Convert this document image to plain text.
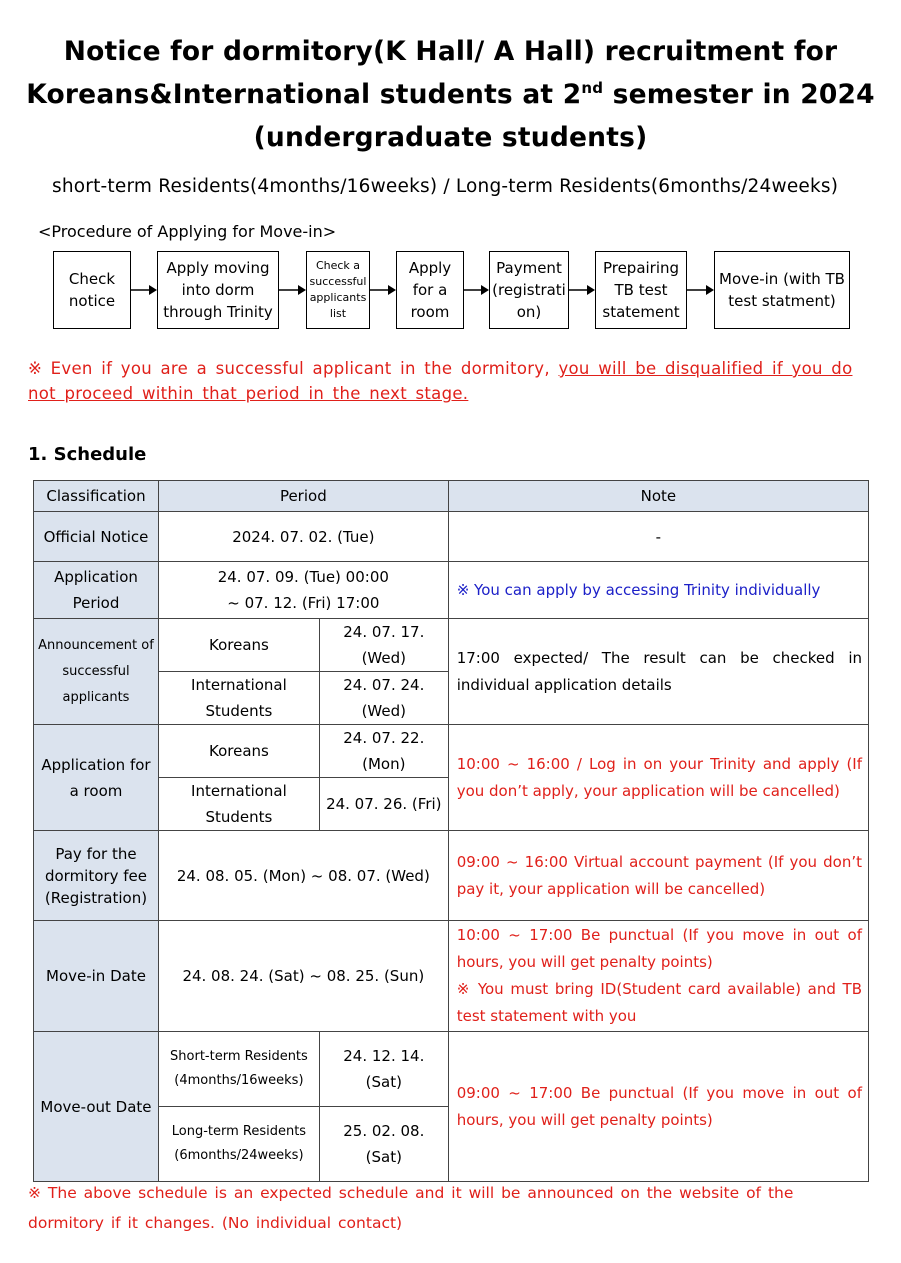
Notice for dormitory(K Hall/ A Hall) recruitment for
Koreans&International students at 2nd semester in 2024
(undergraduate students)
short-term Residents(4months/16weeks) / Long-term Residents(6months/24weeks)
<Procedure of Applying for Move-in>
Check notice
Apply moving into dorm through Trinity
Check a successful applicants list
Apply for a room
Payment (registration)
Prepairing TB test statement
Move-in (with TB test statment)
※ Even if you are a successful applicant in the dormitory, you will be disqualified if you do not proceed within that period in the next stage.
1. Schedule
Classification	Period		Note
Official Notice	2024. 07. 02. (Tue)		-
Application Period	24. 07. 09. (Tue) 00:00
~ 07. 12. (Fri) 17:00		※ You can apply by accessing Trinity individually
Announcement of successful applicants	Koreans	24. 07. 17. (Wed)	17:00 expected/ The result can be checked in individual application details
	International Students	24. 07. 24. (Wed)	
Application for a room	Koreans	24. 07. 22. (Mon)	10:00 ~ 16:00 / Log in on your Trinity and apply (If you don’t apply, your application will be cancelled)
	International Students	24. 07. 26. (Fri)	
Pay for the dormitory fee (Registration)	24. 08. 05. (Mon) ~ 08. 07. (Wed)		09:00 ~ 16:00 Virtual account payment (If you don’t pay it, your application will be cancelled)
Move-in Date	24. 08. 24. (Sat) ~ 08. 25. (Sun)		10:00 ~ 17:00 Be punctual (If you move in out of hours, you will get penalty points)
※ You must bring ID(Student card available) and TB test statement with you

Move-out Date	Short-term Residents
(4months/16weeks)	24. 12. 14. (Sat)	09:00 ~ 17:00 Be punctual (If you move in out of hours, you will get penalty points)

	Long-term Residents
(6months/24weeks)	25. 02. 08. (Sat)	
※ The above schedule is an expected schedule and it will be announced on the website of the dormitory if it changes. (No individual contact)
